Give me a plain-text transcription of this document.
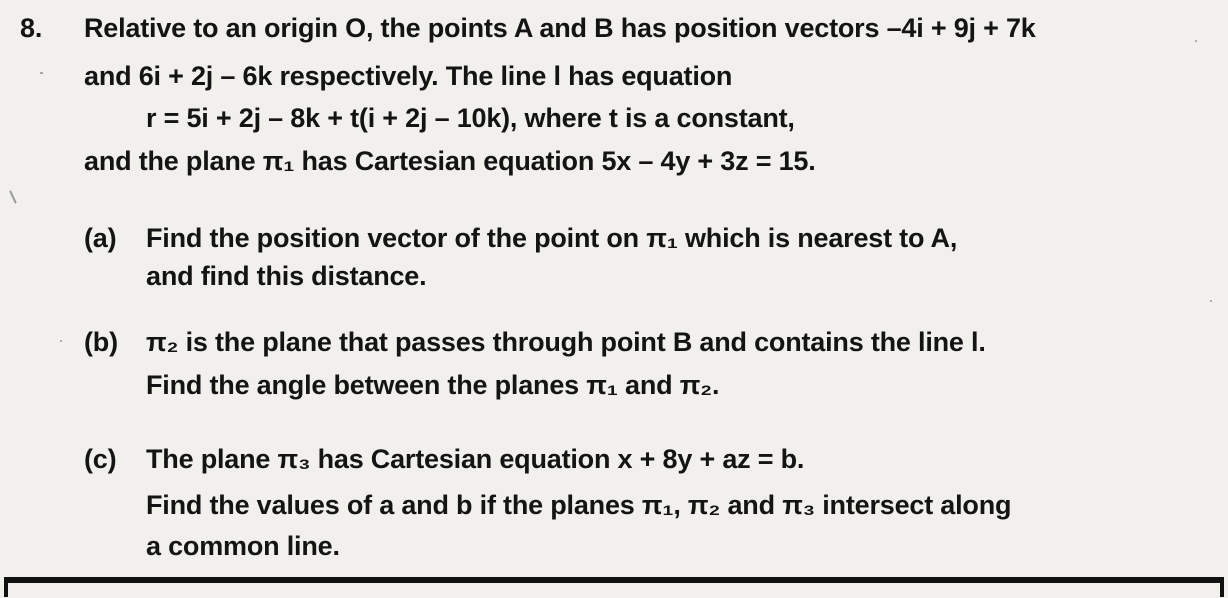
8. Relative to an origin O, the points A and B has position vectors –4i + 9j + 7k
and 6i + 2j – 6k respectively. The line l has equation
r = 5i + 2j – 8k + t(i + 2j – 10k), where t is a constant,
and the plane π₁ has Cartesian equation 5x – 4y + 3z = 15.
(a) Find the position vector of the point on π₁ which is nearest to A,
and find this distance.
(b) π₂ is the plane that passes through point B and contains the line l.
Find the angle between the planes π₁ and π₂.
(c) The plane π₃ has Cartesian equation x + 8y + az = b.
Find the values of a and b if the planes π₁, π₂ and π₃ intersect along
a common line.
